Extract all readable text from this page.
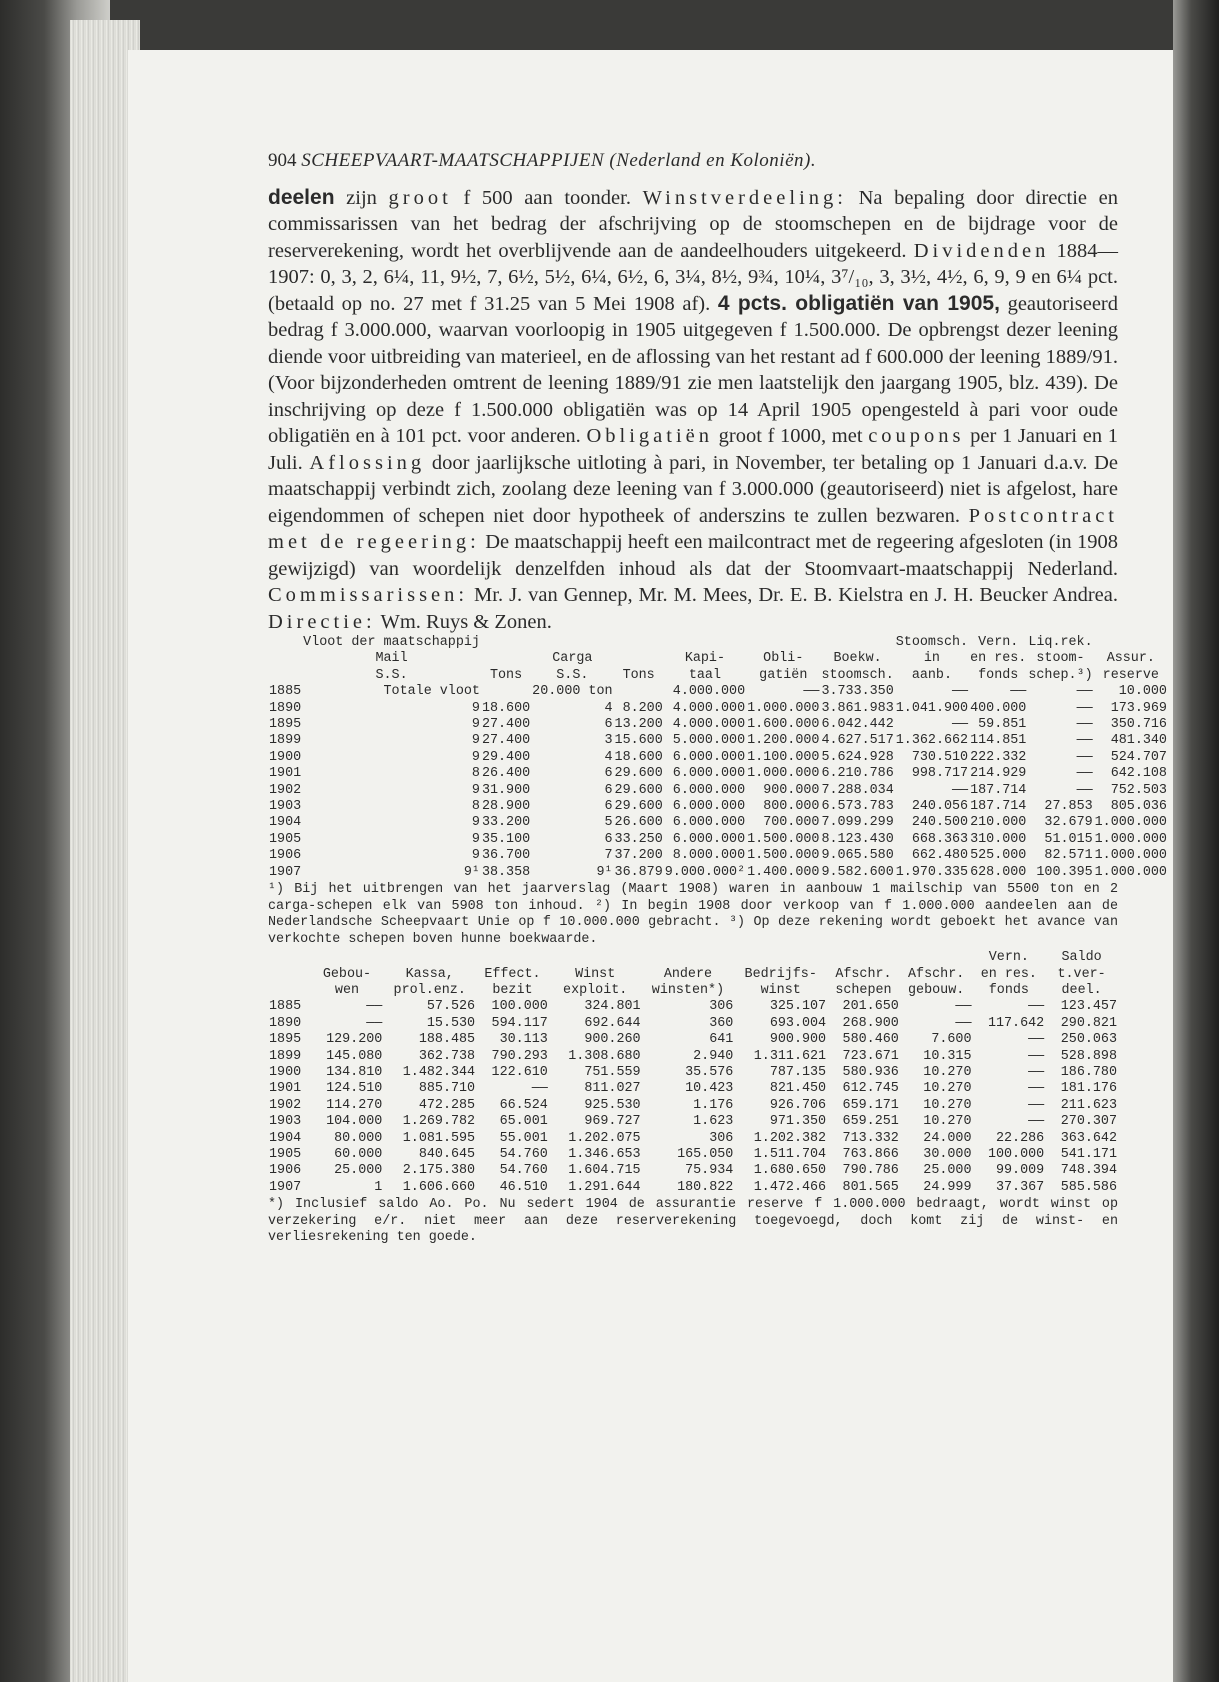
904 SCHEEPVAART-MAATSCHAPPIJEN (Nederland en Koloniën).

deelen zijn groot f 500 aan toonder. Winstverdeeling: Na bepaling door directie en commissarissen van het bedrag der afschrijving op de stoomschepen en de bijdrage voor de reserverekening, wordt het overblijvende aan de aandeelhouders uitgekeerd. Dividenden 1884—1907: 0, 3, 2, 6¼, 11, 9½, 7, 6½, 5½, 6¼, 6½, 6, 3¼, 8½, 9¾, 10¼, 3⁷/₁₀, 3, 3½, 4½, 6, 9, 9 en 6¼ pct. (betaald op no. 27 met f 31.25 van 5 Mei 1908 af). 4 pcts. obligatiën van 1905, geautoriseerd bedrag f 3.000.000, waarvan voorloopig in 1905 uitgegeven f 1.500.000. De opbrengst dezer leening diende voor uitbreiding van materieel, en de aflossing van het restant ad f 600.000 der leening 1889/91. (Voor bijzonderheden omtrent de leening 1889/91 zie men laatstelijk den jaargang 1905, blz. 439). De inschrijving op deze f 1.500.000 obligatiën was op 14 April 1905 opengesteld à pari voor oude obligatiën en à 101 pct. voor anderen. Obligatiën groot f 1000, met coupons per 1 Januari en 1 Juli. Aflossing door jaarlijksche uitloting à pari, in November, ter betaling op 1 Januari d.a.v. De maatschappij verbindt zich, zoolang deze leening van f 3.000.000 (geautoriseerd) niet is afgelost, hare eigendommen of schepen niet door hypotheek of anderszins te zullen bezwaren. Postcontract met de regeering: De maatschappij heeft een mailcontract met de regeering afgesloten (in 1908 gewijzigd) van woordelijk denzelfden inhoud als dat der Stoomvaart-maatschappij Nederland. Commissarissen: Mr. J. van Gennep, Mr. M. Mees, Dr. E. B. Kielstra en J. H. Beucker Andrea. Directie: Wm. Ruys & Zonen.

	Vloot der maatschappij							Stoomsch.	Vern.	Liq.rek.	
	Mail		Carga		Kapi-	Obli-	Boekw.	in	en res.	stoom-	Assur.
	S.S.	Tons	S.S.	Tons	taal	gatiën	stoomsch.	aanb.	fonds	schep.³)	reserve
1885	Totale vloot		20.000 ton		4.000.000	——	3.733.350	——	——	——	10.000
1890	9	18.600	4	8.200	4.000.000	1.000.000	3.861.983	1.041.900	400.000	——	173.969
1895	9	27.400	6	13.200	4.000.000	1.600.000	6.042.442	——	59.851	——	350.716
1899	9	27.400	3	15.600	5.000.000	1.200.000	4.627.517	1.362.662	114.851	——	481.340
1900	9	29.400	4	18.600	6.000.000	1.100.000	5.624.928	730.510	222.332	——	524.707
1901	8	26.400	6	29.600	6.000.000	1.000.000	6.210.786	998.717	214.929	——	642.108
1902	9	31.900	6	29.600	6.000.000	900.000	7.288.034	——	187.714	——	752.503
1903	8	28.900	6	29.600	6.000.000	800.000	6.573.783	240.056	187.714	27.853	805.036
1904	9	33.200	5	26.600	6.000.000	700.000	7.099.299	240.500	210.000	32.679	1.000.000
1905	9	35.100	6	33.250	6.000.000	1.500.000	8.123.430	668.363	310.000	51.015	1.000.000
1906	9	36.700	7	37.200	8.000.000	1.500.000	9.065.580	662.480	525.000	82.571	1.000.000
1907	9¹	38.358	9¹	36.879	9.000.000²	1.400.000	9.582.600	1.970.335	628.000	100.395	1.000.000
¹) Bij het uitbrengen van het jaarverslag (Maart 1908) waren in aanbouw 1 mailschip van 5500 ton en 2 carga-schepen elk van 5908 ton inhoud. ²) In begin 1908 door verkoop van f 1.000.000 aandeelen aan de Nederlandsche Scheepvaart Unie op f 10.000.000 gebracht. ³) Op deze rekening wordt geboekt het avance van verkochte schepen boven hunne boekwaarde.
									Vern.	Saldo
	Gebou-	Kassa,	Effect.	Winst	Andere	Bedrijfs-	Afschr.	Afschr.	en res.	t.ver-
	wen	prol.enz.	bezit	exploit.	winsten*)	winst	schepen	gebouw.	fonds	deel.
1885	——	57.526	100.000	324.801	306	325.107	201.650	——	——	123.457
1890	——	15.530	594.117	692.644	360	693.004	268.900	——	117.642	290.821
1895	129.200	188.485	30.113	900.260	641	900.900	580.460	7.600	——	250.063
1899	145.080	362.738	790.293	1.308.680	2.940	1.311.621	723.671	10.315	——	528.898
1900	134.810	1.482.344	122.610	751.559	35.576	787.135	580.936	10.270	——	186.780
1901	124.510	885.710	——	811.027	10.423	821.450	612.745	10.270	——	181.176
1902	114.270	472.285	66.524	925.530	1.176	926.706	659.171	10.270	——	211.623
1903	104.000	1.269.782	65.001	969.727	1.623	971.350	659.251	10.270	——	270.307
1904	80.000	1.081.595	55.001	1.202.075	306	1.202.382	713.332	24.000	22.286	363.642
1905	60.000	840.645	54.760	1.346.653	165.050	1.511.704	763.866	30.000	100.000	541.171
1906	25.000	2.175.380	54.760	1.604.715	75.934	1.680.650	790.786	25.000	99.009	748.394
1907	1	1.606.660	46.510	1.291.644	180.822	1.472.466	801.565	24.999	37.367	585.586
*) Inclusief saldo Ao. Po. Nu sedert 1904 de assurantie reserve f 1.000.000 bedraagt, wordt winst op verzekering e/r. niet meer aan deze reserverekening toegevoegd, doch komt zij de winst- en verliesrekening ten goede.
